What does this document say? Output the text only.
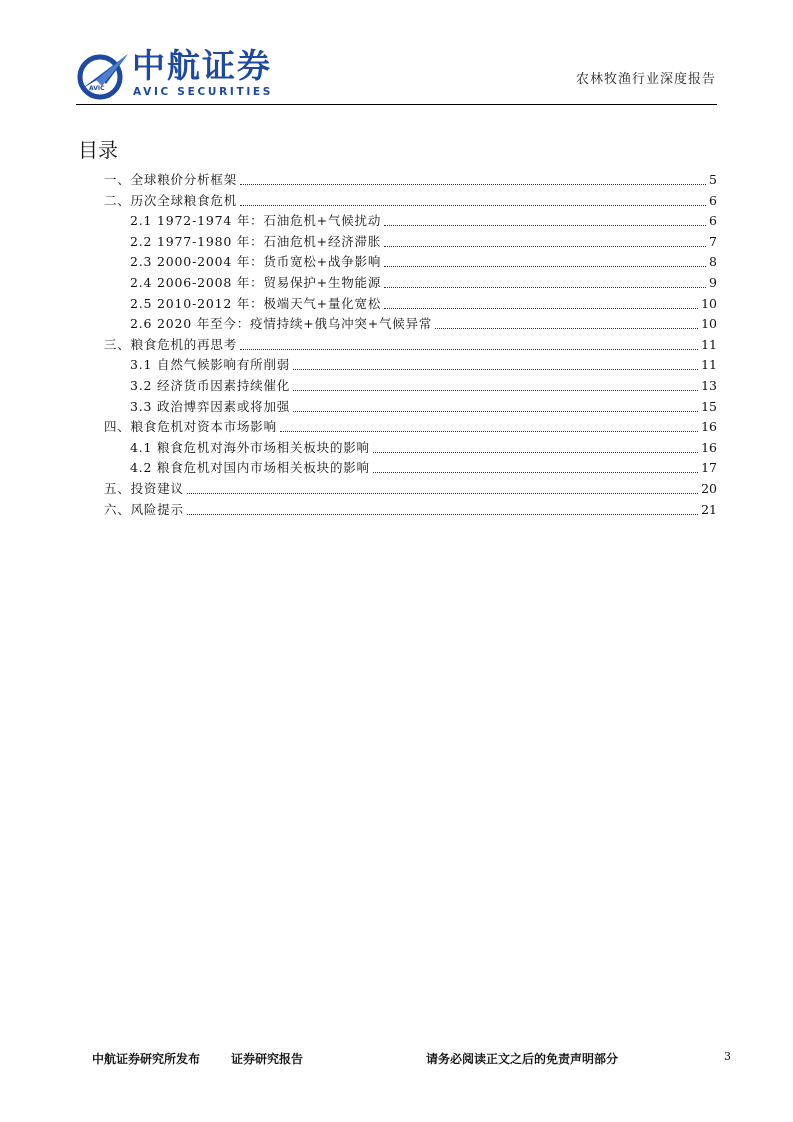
AVIC
中航证券
AVIC SECURITIES
农林牧渔行业深度报告
目录
一、全球粮价分析框架	5
二、历次全球粮食危机	6
2.1 1972-1974 年：石油危机+气候扰动	6
2.2 1977-1980 年：石油危机+经济滞胀	7
2.3 2000-2004 年：货币宽松+战争影响	8
2.4 2006-2008 年：贸易保护+生物能源	9
2.5 2010-2012 年：极端天气+量化宽松	10
2.6 2020 年至今：疫情持续+俄乌冲突+气候异常	10
三、粮食危机的再思考	11
3.1 自然气候影响有所削弱	11
3.2 经济货币因素持续催化	13
3.3 政治博弈因素或将加强	15
四、粮食危机对资本市场影响	16
4.1 粮食危机对海外市场相关板块的影响	16
4.2 粮食危机对国内市场相关板块的影响	17
五、投资建议	20
六、风险提示	21
中航证券研究所发布	证券研究报告	请务必阅读正文之后的免责声明部分	3
